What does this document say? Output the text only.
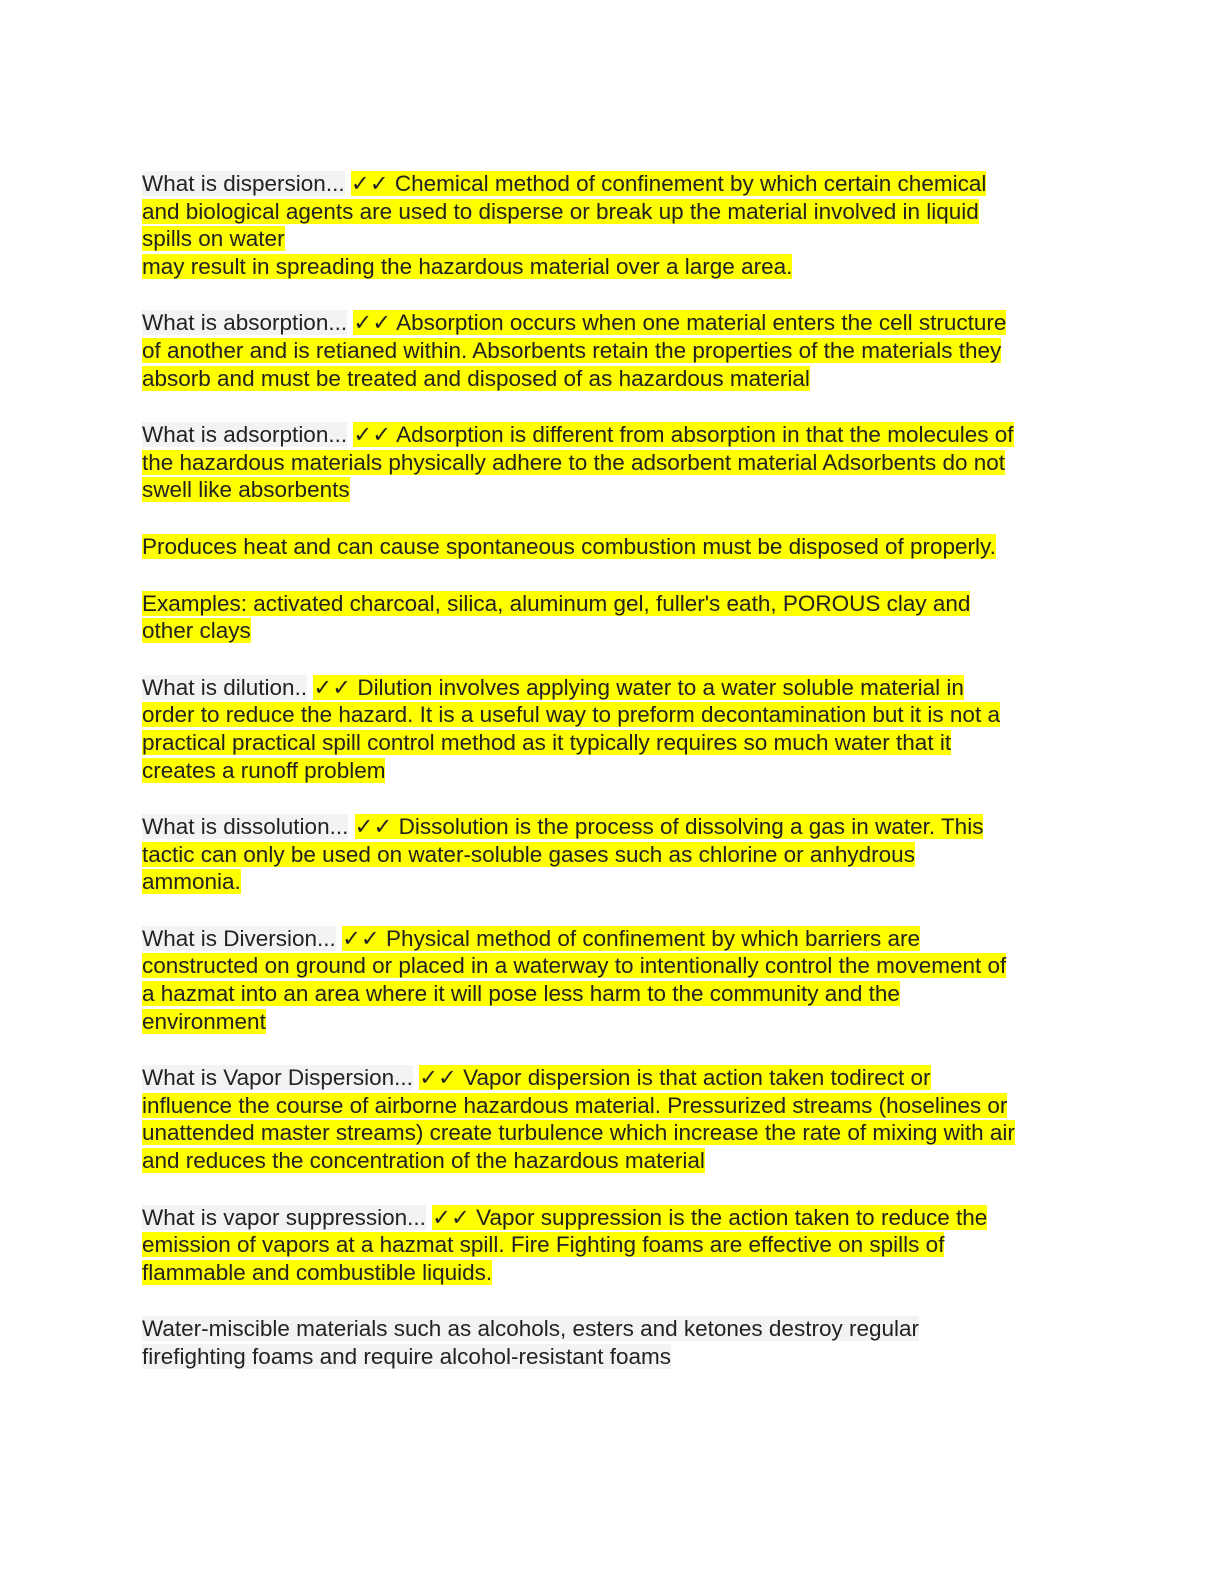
What is dispersion... ✓✓ Chemical method of confinement by which certain chemical
and biological agents are used to disperse or break up the material involved in liquid
spills on water
may result in spreading the hazardous material over a large area.
What is absorption... ✓✓ Absorption occurs when one material enters the cell structure
of another and is retianed within. Absorbents retain the properties of the materials they
absorb and must be treated and disposed of as hazardous material
What is adsorption... ✓✓ Adsorption is different from absorption in that the molecules of
the hazardous materials physically adhere to the adsorbent material Adsorbents do not
swell like absorbents
Produces heat and can cause spontaneous combustion must be disposed of properly.
Examples: activated charcoal, silica, aluminum gel, fuller's eath, POROUS clay and
other clays
What is dilution.. ✓✓ Dilution involves applying water to a water soluble material in
order to reduce the hazard. It is a useful way to preform decontamination but it is not a
practical practical spill control method as it typically requires so much water that it
creates a runoff problem
What is dissolution... ✓✓ Dissolution is the process of dissolving a gas in water. This
tactic can only be used on water-soluble gases such as chlorine or anhydrous
ammonia.
What is Diversion... ✓✓ Physical method of confinement by which barriers are
constructed on ground or placed in a waterway to intentionally control the movement of
a hazmat into an area where it will pose less harm to the community and the
environment
What is Vapor Dispersion... ✓✓ Vapor dispersion is that action taken todirect or
influence the course of airborne hazardous material. Pressurized streams (hoselines or
unattended master streams) create turbulence which increase the rate of mixing with air
and reduces the concentration of the hazardous material
What is vapor suppression... ✓✓ Vapor suppression is the action taken to reduce the
emission of vapors at a hazmat spill. Fire Fighting foams are effective on spills of
flammable and combustible liquids.
Water-miscible materials such as alcohols, esters and ketones destroy regular
firefighting foams and require alcohol-resistant foams
